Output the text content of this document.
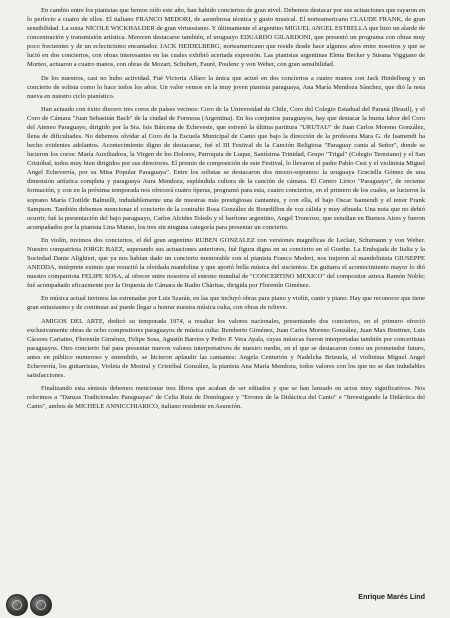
En cambio entre los pianistas que hemos oído este año, han habido conciertos de gran nivel. Debemos destacar por sus actuaciones que rayaron en lo perfecto a cuatro de ellos. El italiano FRANCO MEDORI, de asombrosa técnica y gusto musical. El norteamericano CLAUDE FRANK, de gran sensibilidad. La suiza NICOLE WICKHALDER de gran virtuosismo. Y últimamente el argentino MIGUEL ANGEL ESTRELLA que hizo un alarde de concentración y transmisión artística. Merecen destacarse también, el uruguayo EDUARDO GILARDONI, que presentó un programa con obras muy poco frecuentes y de un eclecticismo encantador. JACK HEIDELBERG, norteamericano que reside desde hace algunos años entre nosotros y que se lució en dos conciertos, con obras interesantes en las cuales exhibió acertada expresión. Las pianistas argentinas Elena Becker y Susana Viggiano de Morteo, actuaron a cuatro manos, con obras de Mozart, Schubert, Fauré, Poulenc y von Weber, con gran sensibilidad.

De los nuestros, casi no hubo actividad. Fué Victoria Alfaro la única que actuó en dos conciertos a cuatro manos con Jack Heidelberg y un concierto de solista como lo hace todos los años. Un valor vemos en la muy joven pianista paraguaya, Ana María Mendoza Sánchez, que dió la nota nueva en nuestro ciclo pianístico.

Han actuado con éxito diecero tres coros de países vecinos: Coro de la Universidad de Chile, Coro del Colegio Estadual del Paraná (Brasil), y el Coro de Cámara "Juan Sebastián Bach" de la ciudad de Formosa (Argentina). En los conjuntos paraguayos, hay que destacar la buena labor del Coro del Ateneo Paraguayo, dirigido por la Sra. Isis Bárcena de Echeveste, que estrenó la última partitura "URUTAU" de Juan Carlos Moreno González, llena de dificultades. No debemos olvidar al Coro de la Escuela Municipal de Canto que bajo la dirección de la profesora Mara G. de Isamendi ha hecho evidentes adelantos. Acontecimiento digno de destacarse, fué el III Festival de la Canción Religiosa "Paraguay canta al Señor", donde se lucieron los coros: María Auxiliadora, la Virgen de los Dolores, Parroquia de Luque, Santísima Trinidad, Grupo "Trigal" (Colegio Teresiano) y el San Cristóbal, todos muy bien dirigidos por sus directores. El premio de composición de este Festival, lo llevaron el padre Pablo Cesi y el violinista Miguel Angel Echeverría, por su Misa Popular Paraguaya". Entre los solistas se destacaron dos mezzo-sopranos: la uruguaya Graciella Gómez de una dimensión artística completa y paraguaya Aura Mendoza, espléndida cultora de la canción de cámara. El Centro Lírico "Paraguayo", de reciente formación, y con en la próxima temporada nos ofrecerá cuatro óperas, programó para esta, cuatro conciertos, en el primero de los cuales, se lucieron la soprano María Clotilde Balmelli, indudablemente una de nuestras más prestigiosas cantantes, y con ella, el bajo Oscar Isamendi y el tenor Frank Sampson. También debemos mencionar el concierto de la contralto Rosa González de Bourdillon de voz cálida y muy afinada. Una nota que no debió ocurrir, fué la presentación del bajo paraguayo, Carlos Alcides Toledo y el barítono argentino, Angel Troncoso, que estudian en Buenos Aires y fueron acompañados por la pianista Lina Manso, los tres sin ninguna categoría para presentar un concierto.

En violín, tuvimos dos conciertos, el del gran argentino RUBEN GONZALEZ con versiones magníficas de Leclair, Schumann y von Weber. Nuestro compatriota JORGE BAEZ, superando sus actuaciones anteriores, fué figura digna en su concierto en el Goethe. La Embajada de Italia y la Sociedad Dante Alighieri, que ya nos habían dado un concierto memorable con el pianista Franco Medori, nos trajeron al mandolinista GIUSEPPE ANEDDA, intérprete eximio que resucitó la olvidada mandolina y que aportó bella música del siscientos. En guitarra el acontecimiento mayor lo dió nuestro compatriota FELIPE SOSA, al ofrecer entre nosotros el estreno mundial de "CONCERTINO MEXICO" del compositor azteca Ramón Noble; fué acompañado eficazmente por la Orquesta de Cámara de Radio Chàritas, dirigida por Florentín Giménez.

En música actual tuvimos las estrenadas por Luis Szarán, en las que incluyó obras para piano y violín, canto y piano. Hay que reconocer que tiene gran entusiasmo y de continuar así puede llegar a honrar nuestra música culta, con obras de relieve.

AMIGOS DEL ARTE, dedicó su temporada 1974, a resaltar los valores nacionales, presentando dos conciertos, en el primero ofreció exclusivamente obras de ocho compositores paraguayos de música culta: Remberto Giménez, Juan Carlos Moreno González, Juan Max Boettner, Luis Cáceres Cariaino, Florentín Giménez, Felipe Sosa, Agustín Barrios y Pedro P. Vera Ayala, cuyas músicas fueron interpretadas también por concertistas paraguayos. Otro concierto fué para presentar nuevos valores interpretativos de nuestro medio, en el que se destacaron como un prometedor futuro, antes en público numeroso y entendido, se hicieron aplaudir las cantantes: Angela Centurión y Nadelcha Brizuela, el violinista Miguel Angel Echeverría, los guitarristas, Violeta de Mestral y Cristóbal González, la pianista Ana María Mendoza, todos valores con los que no se dan indudables satisfacciones.

Finalizando esta síntesis debemos mencionar tres libros que acaban de ser editados y que se han lanzado en actos muy significativos. Nos referimos a "Danzas Tradicionales Paraguayas" de Celia Ruiz de Domínguez y "Errores de la Didáctica del Canto" e "Investigando la Didáctica del Canto", ambos de MICHELE ANNICCHIARICO, italiano residente en Asunción.

Enrique Marés Lind
